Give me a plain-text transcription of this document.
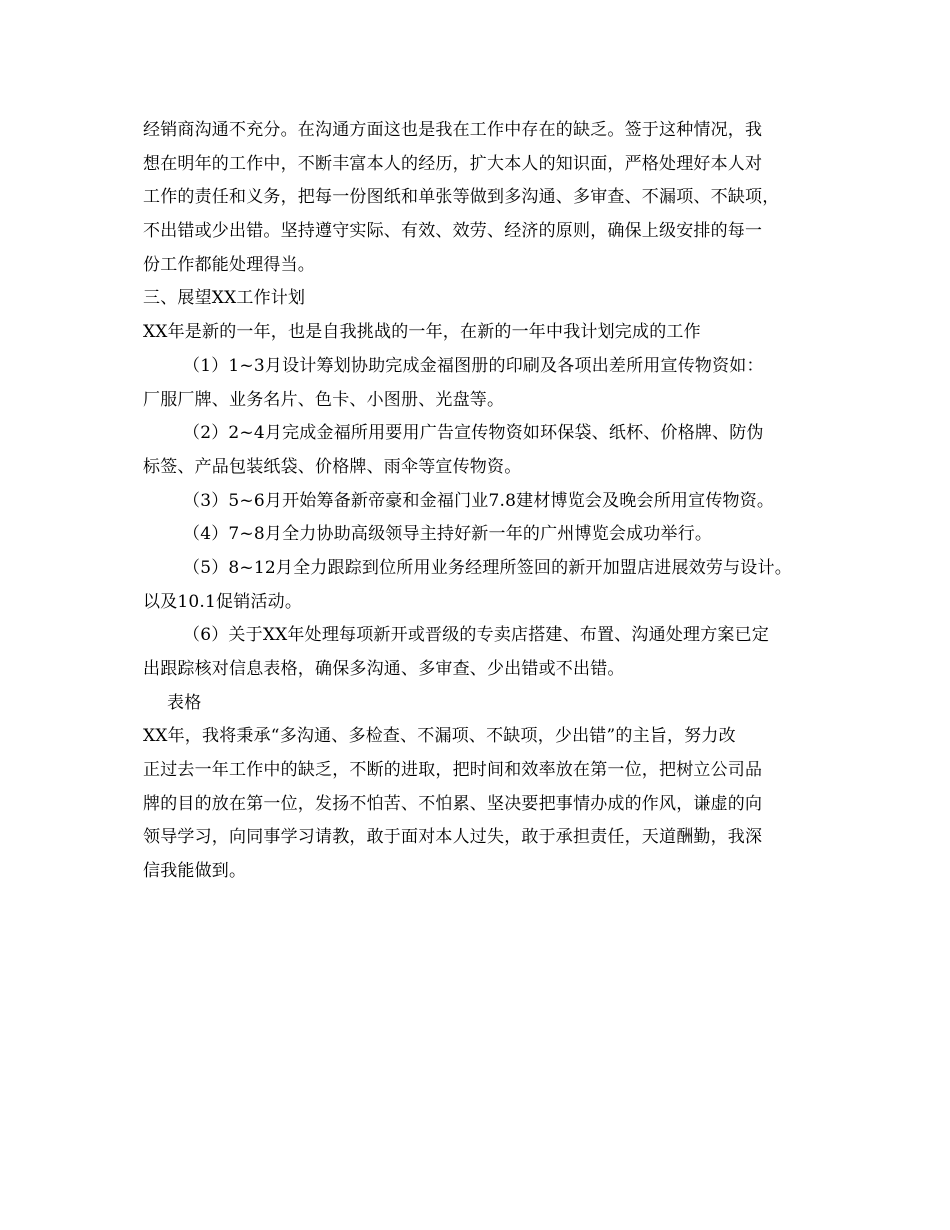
经销商沟通不充分。在沟通方面这也是我在工作中存在的缺乏。签于这种情况，我
想在明年的工作中，不断丰富本人的经历，扩大本人的知识面，严格处理好本人对
工作的责任和义务，把每一份图纸和单张等做到多沟通、多审查、不漏项、不缺项，
不出错或少出错。坚持遵守实际、有效、效劳、经济的原则，确保上级安排的每一
份工作都能处理得当。
三、展望XX工作计划
XX年是新的一年，也是自我挑战的一年，在新的一年中我计划完成的工作
（1）1~3月设计筹划协助完成金福图册的印刷及各项出差所用宣传物资如：
厂服厂牌、业务名片、色卡、小图册、光盘等。
（2）2~4月完成金福所用要用广告宣传物资如环保袋、纸杯、价格牌、防伪
标签、产品包装纸袋、价格牌、雨伞等宣传物资。
（3）5~6月开始筹备新帝豪和金福门业7.8建材博览会及晚会所用宣传物资。
（4）7~8月全力协助高级领导主持好新一年的广州博览会成功举行。
（5）8~12月全力跟踪到位所用业务经理所签回的新开加盟店进展效劳与设计。
以及10.1促销活动。
（6）关于XX年处理每项新开或晋级的专卖店搭建、布置、沟通处理方案已定
出跟踪核对信息表格，确保多沟通、多审查、少出错或不出错。
表格
XX年，我将秉承“多沟通、多检查、不漏项、不缺项，少出错”的主旨，努力改
正过去一年工作中的缺乏，不断的进取，把时间和效率放在第一位，把树立公司品
牌的目的放在第一位，发扬不怕苦、不怕累、坚决要把事情办成的作风，谦虚的向
领导学习，向同事学习请教，敢于面对本人过失，敢于承担责任，天道酬勤，我深
信我能做到。
